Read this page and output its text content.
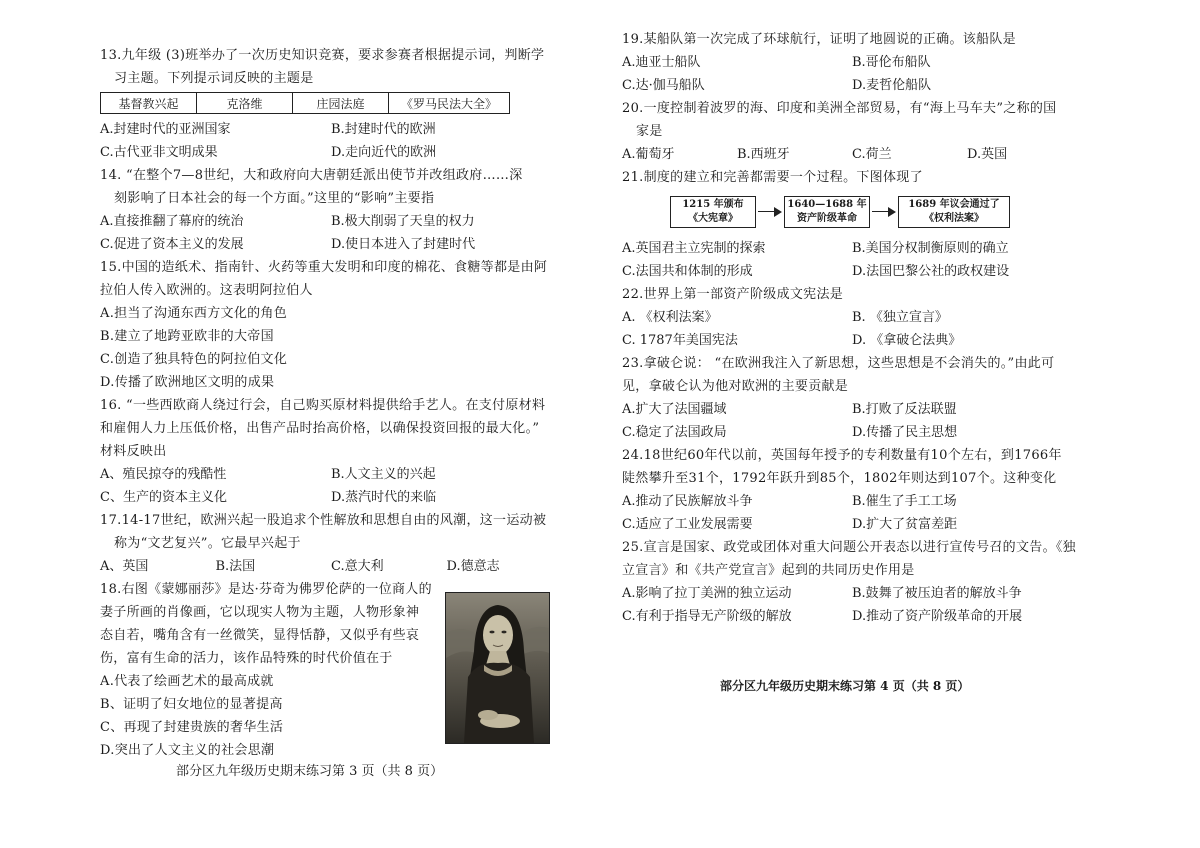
13.九年级 (3)班举办了一次历史知识竞赛，要求参赛者根据提示词，判断学
习主题。下列提示词反映的主题是
基督教兴起	克洛维	庄园法庭	《罗马民法大全》
A.封建时代的亚洲国家	B.封建时代的欧洲
C.古代亚非文明成果	D.走向近代的欧洲
14. “在整个7—8世纪，大和政府向大唐朝廷派出使节并改组政府……深
刻影响了日本社会的每一个方面。”这里的“影响”主要指
A.直接推翻了幕府的统治	B.极大削弱了天皇的权力
C.促进了资本主义的发展	D.使日本进入了封建时代
15.中国的造纸术、指南针、火药等重大发明和印度的棉花、食糖等都是由阿
拉伯人传入欧洲的。这表明阿拉伯人
A.担当了沟通东西方文化的角色
B.建立了地跨亚欧非的大帝国
C.创造了独具特色的阿拉伯文化
D.传播了欧洲地区文明的成果
16. “一些西欧商人绕过行会，自己购买原材料提供给手艺人。在支付原材料
和雇佣人力上压低价格，出售产品时抬高价格，以确保投资回报的最大化。”
材料反映出
A、殖民掠夺的残酷性	B.人文主义的兴起
C、生产的资本主义化	D.蒸汽时代的来临
17.14-17世纪，欧洲兴起一股追求个性解放和思想自由的风潮，这一运动被
称为“文艺复兴”。它最早兴起于
A、英国	B.法国	C.意大利	D.德意志
18.右图《蒙娜丽莎》是达·芬奇为佛罗伦萨的一位商人的
妻子所画的肖像画，它以现实人物为主题，人物形象神
态自若，嘴角含有一丝微笑，显得恬静，又似乎有些哀
伤，富有生命的活力，该作品特殊的时代价值在于
A.代表了绘画艺术的最高成就
B、证明了妇女地位的显著提高
C、再现了封建贵族的奢华生活
D.突出了人文主义的社会思潮
部分区九年级历史期末练习第 3 页（共 8 页）
19.某船队第一次完成了环球航行，证明了地圆说的正确。该船队是
A.迪亚士船队	B.哥伦布船队
C.达·伽马船队	D.麦哲伦船队
20.一度控制着波罗的海、印度和美洲全部贸易，有“海上马车夫”之称的国
家是
A.葡萄牙	B.西班牙	C.荷兰	D.英国
21.制度的建立和完善都需要一个过程。下图体现了
1215 年颁布
《大宪章》
1640—1688 年
资产阶级革命
1689 年议会通过了
《权利法案》
A.英国君主立宪制的探索	B.美国分权制衡原则的确立
C.法国共和体制的形成	D.法国巴黎公社的政权建设
22.世界上第一部资产阶级成文宪法是
A. 《权利法案》	B. 《独立宣言》
C. 1787年美国宪法	D. 《拿破仑法典》
23.拿破仑说： “在欧洲我注入了新思想，这些思想是不会消失的。”由此可
见，拿破仑认为他对欧洲的主要贡献是
A.扩大了法国疆域	B.打败了反法联盟
C.稳定了法国政局	D.传播了民主思想
24.18世纪60年代以前，英国每年授予的专利数量有10个左右，到1766年
陡然攀升至31个，1792年跃升到85个，1802年则达到107个。这种变化
A.推动了民族解放斗争	B.催生了手工工场
C.适应了工业发展需要	D.扩大了贫富差距
25.宣言是国家、政党或团体对重大问题公开表态以进行宣传号召的文告。《独
立宣言》和《共产党宣言》起到的共同历史作用是
A.影响了拉丁美洲的独立运动	B.鼓舞了被压迫者的解放斗争
C.有利于指导无产阶级的解放	D.推动了资产阶级革命的开展
部分区九年级历史期末练习第 4 页（共 8 页）
